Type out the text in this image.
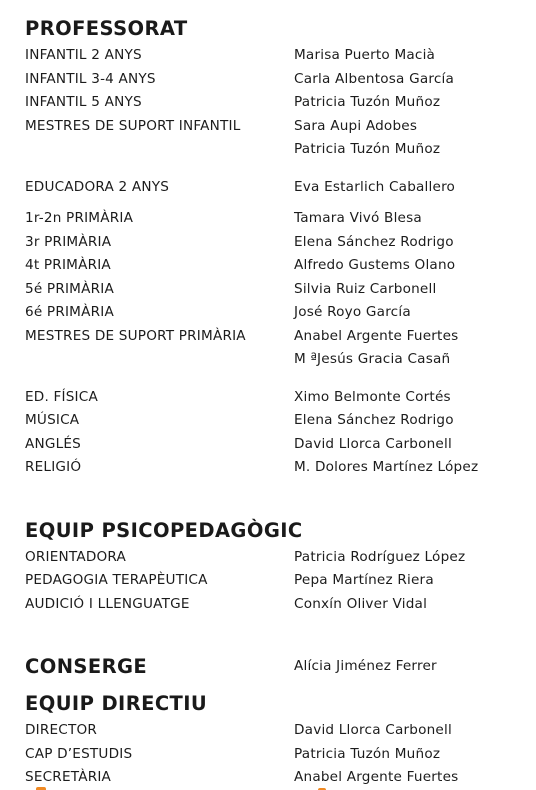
PROFESSORAT
INFANTIL 2 ANYS	Marisa Puerto Macià
INFANTIL 3-4 ANYS	Carla Albentosa García
INFANTIL 5 ANYS	Patricia Tuzón Muñoz
MESTRES DE SUPORT INFANTIL	Sara Aupi Adobes
Patricia Tuzón Muñoz
EDUCADORA 2 ANYS	Eva Estarlich Caballero
1r-2n PRIMÀRIA	Tamara Vivó Blesa
3r PRIMÀRIA	Elena Sánchez Rodrigo
4t PRIMÀRIA	Alfredo Gustems Olano
5é PRIMÀRIA	Silvia Ruiz Carbonell
6é PRIMÀRIA	José Royo García
MESTRES DE SUPORT PRIMÀRIA	Anabel Argente Fuertes
M ªJesús Gracia Casañ
ED. FÍSICA	Ximo Belmonte Cortés
MÚSICA	Elena Sánchez Rodrigo
ANGLÉS	David Llorca Carbonell
RELIGIÓ	M. Dolores Martínez López
EQUIP PSICOPEDAGÒGIC
ORIENTADORA	Patricia Rodríguez López
PEDAGOGIA TERAPÈUTICA	Pepa Martínez Riera
AUDICIÓ I LLENGUATGE	Conxín Oliver Vidal
CONSERGE	Alícia Jiménez Ferrer
EQUIP DIRECTIU
DIRECTOR	David Llorca Carbonell
CAP D’ESTUDIS	Patricia Tuzón Muñoz
SECRETÀRIA	Anabel Argente Fuertes
